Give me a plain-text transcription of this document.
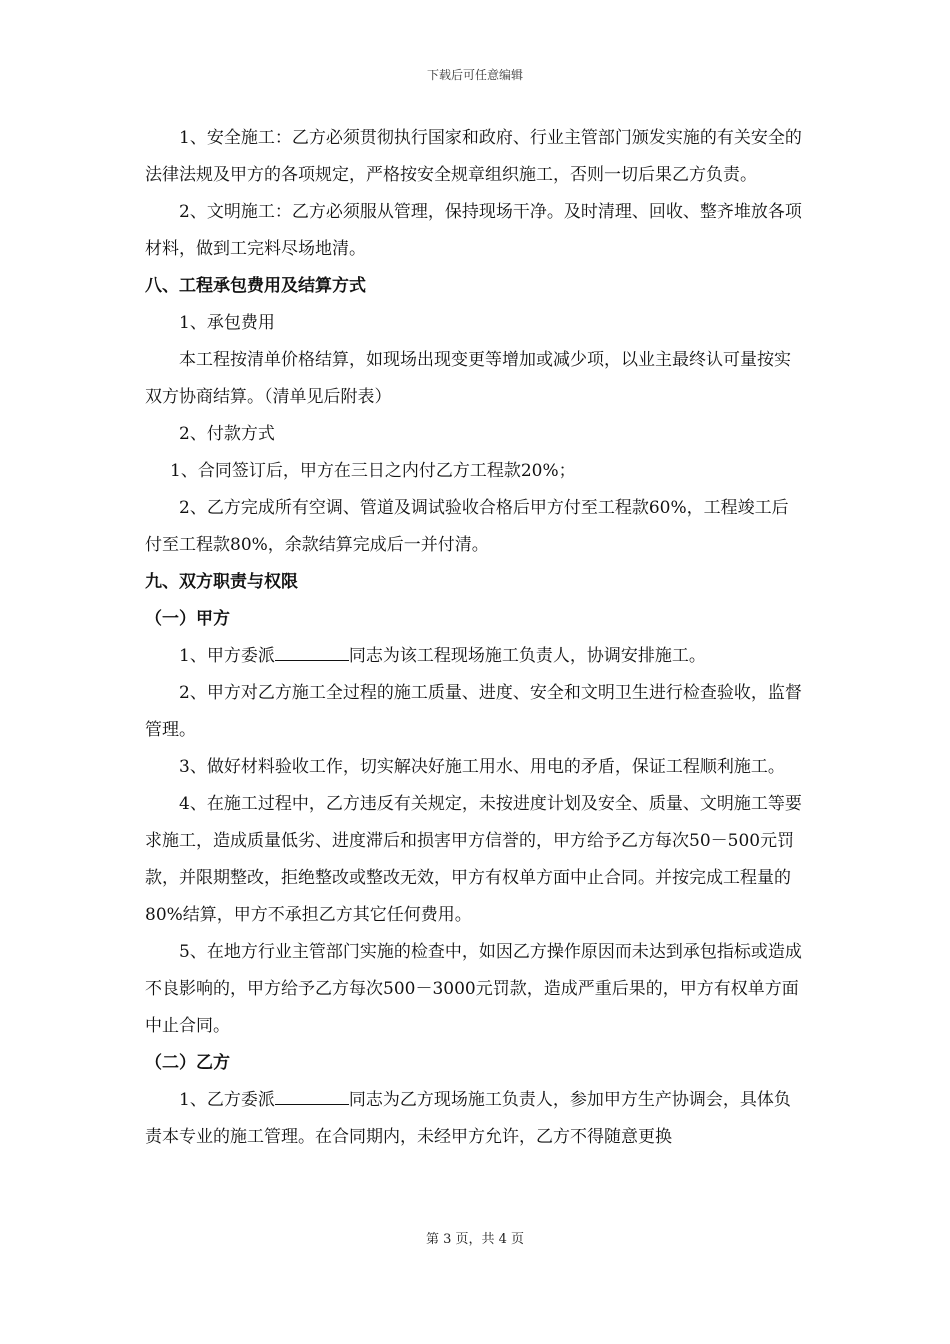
下载后可任意编辑

1、安全施工：乙方必须贯彻执行国家和政府、行业主管部门颁发实施的有关安全的法律法规及甲方的各项规定，严格按安全规章组织施工，否则一切后果乙方负责。

2、文明施工：乙方必须服从管理，保持现场干净。及时清理、回收、整齐堆放各项材料，做到工完料尽场地清。

八、工程承包费用及结算方式

1、承包费用

本工程按清单价格结算，如现场出现变更等增加或减少项，以业主最终认可量按实双方协商结算。（清单见后附表）

2、付款方式

1、合同签订后，甲方在三日之内付乙方工程款20%；

2、乙方完成所有空调、管道及调试验收合格后甲方付至工程款60%，工程竣工后付至工程款80%，余款结算完成后一并付清。

九、双方职责与权限

（一）甲方

1、甲方委派	同志为该工程现场施工负责人，协调安排施工。

2、甲方对乙方施工全过程的施工质量、进度、安全和文明卫生进行检查验收，监督管理。

3、做好材料验收工作，切实解决好施工用水、用电的矛盾，保证工程顺利施工。

4、在施工过程中，乙方违反有关规定，未按进度计划及安全、质量、文明施工等要求施工，造成质量低劣、进度滞后和损害甲方信誉的，甲方给予乙方每次50－500元罚款，并限期整改，拒绝整改或整改无效，甲方有权单方面中止合同。并按完成工程量的80%结算，甲方不承担乙方其它任何费用。

5、在地方行业主管部门实施的检查中，如因乙方操作原因而未达到承包指标或造成不良影响的，甲方给予乙方每次500－3000元罚款，造成严重后果的，甲方有权单方面中止合同。

（二）乙方

1、乙方委派	同志为乙方现场施工负责人，参加甲方生产协调会，具体负责本专业的施工管理。在合同期内，未经甲方允许，乙方不得随意更换

第 3 页，共 4 页
